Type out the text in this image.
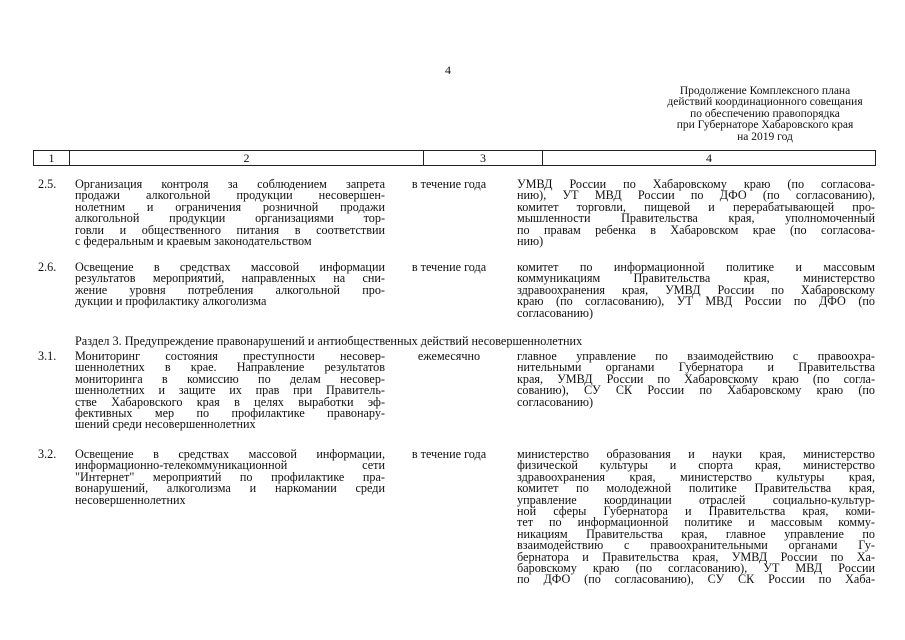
4
Продолжение Комплексного плана
действий координационного совещания
по обеспечению правопорядка
при Губернаторе Хабаровского края
на 2019 год
1	2	3	4
2.5. Организация контроля за соблюдением запрета
продажи алкогольной продукции несовершен-
нолетним и ограничения розничной продажи
алкогольной продукции организациями тор-
говли и общественного питания в соответствии
с федеральным и краевым законодательством
в течение года	УМВД России по Хабаровскому краю (по согласова-
нию), УТ МВД России по ДФО (по согласованию),
комитет торговли, пищевой и перерабатывающей про-
мышленности Правительства края, уполномоченный
по правам ребенка в Хабаровском крае (по согласова-
нию)
2.6. Освещение в средствах массовой информации
результатов мероприятий, направленных на сни-
жение уровня потребления алкогольной про-
дукции и профилактику алкоголизма
в течение года	комитет по информационной политике и массовым
коммуникациям Правительства края, министерство
здравоохранения края, УМВД России по Хабаровскому
краю (по согласованию), УТ МВД России по ДФО (по
согласованию)
Раздел 3. Предупреждение правонарушений и антиобщественных действий несовершеннолетних
3.1. Мониторинг состояния преступности несовер-
шеннолетних в крае. Направление результатов
мониторинга в комиссию по делам несовер-
шеннолетних и защите их прав при Правитель-
стве Хабаровского края в целях выработки эф-
фективных мер по профилактике правонару-
шений среди несовершеннолетних
ежемесячно	главное управление по взаимодействию с правоохра-
нительными органами Губернатора и Правительства
края, УМВД России по Хабаровскому краю (по согла-
сованию), СУ СК России по Хабаровскому краю (по
согласованию)
3.2. Освещение в средствах массовой информации,
информационно-телекоммуникационной сети
"Интернет" мероприятий по профилактике пра-
вонарушений, алкоголизма и наркомании среди
несовершеннолетних
в течение года	министерство образования и науки края, министерство
физической культуры и спорта края, министерство
здравоохранения края, министерство культуры края,
комитет по молодежной политике Правительства края,
управление координации отраслей социально-культур-
ной сферы Губернатора и Правительства края, коми-
тет по информационной политике и массовым комму-
никациям Правительства края, главное управление по
взаимодействию с правоохранительными органами Гу-
бернатора и Правительства края, УМВД России по Ха-
баровскому краю (по согласованию), УТ МВД России
по ДФО (по согласованию), СУ СК России по Хаба-
